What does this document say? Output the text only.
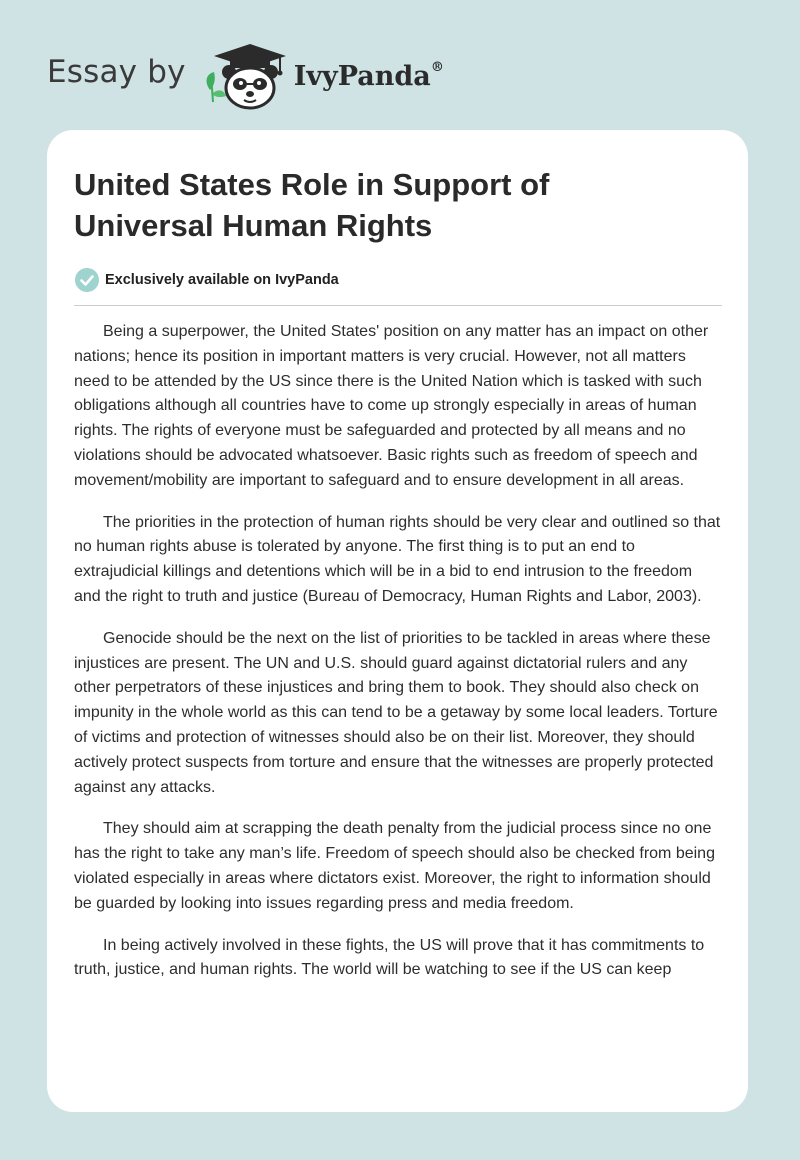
Essay by	IvyPanda®
United States Role in Support of Universal Human Rights
Exclusively available on IvyPanda

Being a superpower, the United States' position on any matter has an impact on other nations; hence its position in important matters is very crucial. However, not all matters need to be attended by the US since there is the United Nation which is tasked with such obligations although all countries have to come up strongly especially in areas of human rights. The rights of everyone must be safeguarded and protected by all means and no violations should be advocated whatsoever. Basic rights such as freedom of speech and movement/mobility are important to safeguard and to ensure development in all areas.

The priorities in the protection of human rights should be very clear and outlined so that no human rights abuse is tolerated by anyone. The first thing is to put an end to extrajudicial killings and detentions which will be in a bid to end intrusion to the freedom and the right to truth and justice (Bureau of Democracy, Human Rights and Labor, 2003).

Genocide should be the next on the list of priorities to be tackled in areas where these injustices are present. The UN and U.S. should guard against dictatorial rulers and any other perpetrators of these injustices and bring them to book. They should also check on impunity in the whole world as this can tend to be a getaway by some local leaders. Torture of victims and protection of witnesses should also be on their list. Moreover, they should actively protect suspects from torture and ensure that the witnesses are properly protected against any attacks.

They should aim at scrapping the death penalty from the judicial process since no one has the right to take any man’s life. Freedom of speech should also be checked from being violated especially in areas where dictators exist. Moreover, the right to information should be guarded by looking into issues regarding press and media freedom.

In being actively involved in these fights, the US will prove that it has commitments to truth, justice, and human rights. The world will be watching to see if the US can keep
